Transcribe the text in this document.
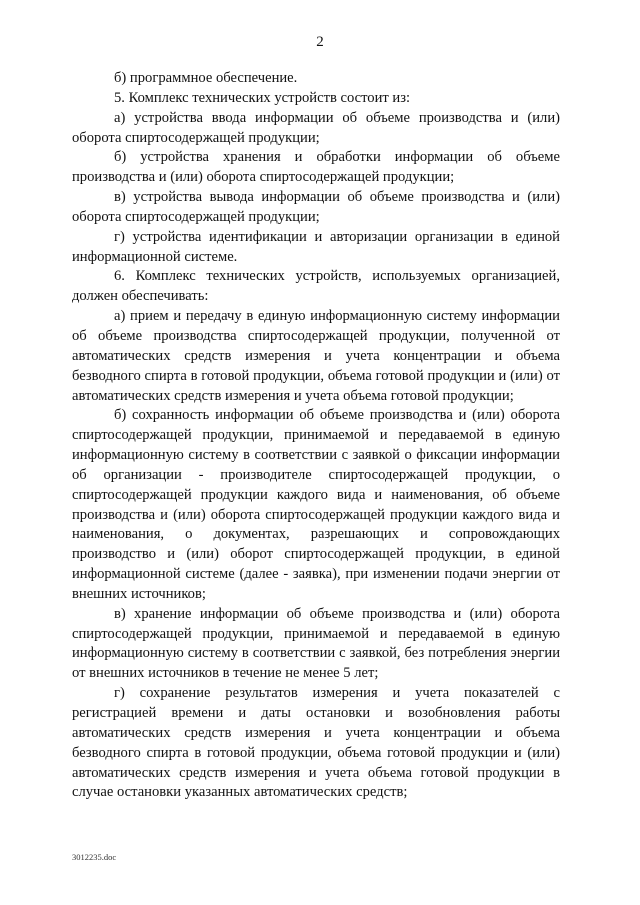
2

б) программное обеспечение.

5. Комплекс технических устройств состоит из:

а) устройства ввода информации об объеме производства и (или) оборота спиртосодержащей продукции;

б) устройства хранения и обработки информации об объеме производства и (или) оборота спиртосодержащей продукции;

в) устройства вывода информации об объеме производства и (или) оборота спиртосодержащей продукции;

г) устройства идентификации и авторизации организации в единой информационной системе.

6. Комплекс технических устройств, используемых организацией, должен обеспечивать:

а) прием и передачу в единую информационную систему информации об объеме производства спиртосодержащей продукции, полученной от автоматических средств измерения и учета концентрации и объема безводного спирта в готовой продукции, объема готовой продукции и (или) от автоматических средств измерения и учета объема готовой продукции;

б) сохранность информации об объеме производства и (или) оборота спиртосодержащей продукции, принимаемой и передаваемой в единую информационную систему в соответствии с заявкой о фиксации информации об организации - производителе спиртосодержащей продукции, о спиртосодержащей продукции каждого вида и наименования, об объеме производства и (или) оборота спиртосодержащей продукции каждого вида и наименования, о документах, разрешающих и сопровождающих производство и (или) оборот спиртосодержащей продукции, в единой информационной системе (далее - заявка), при изменении подачи энергии от внешних источников;

в) хранение информации об объеме производства и (или) оборота спиртосодержащей продукции, принимаемой и передаваемой в единую информационную систему в соответствии с заявкой, без потребления энергии от внешних источников в течение не менее 5 лет;

г) сохранение результатов измерения и учета показателей с регистрацией времени и даты остановки и возобновления работы автоматических средств измерения и учета концентрации и объема безводного спирта в готовой продукции, объема готовой продукции и (или) автоматических средств измерения и учета объема готовой продукции в случае остановки указанных автоматических средств;

3012235.doc
